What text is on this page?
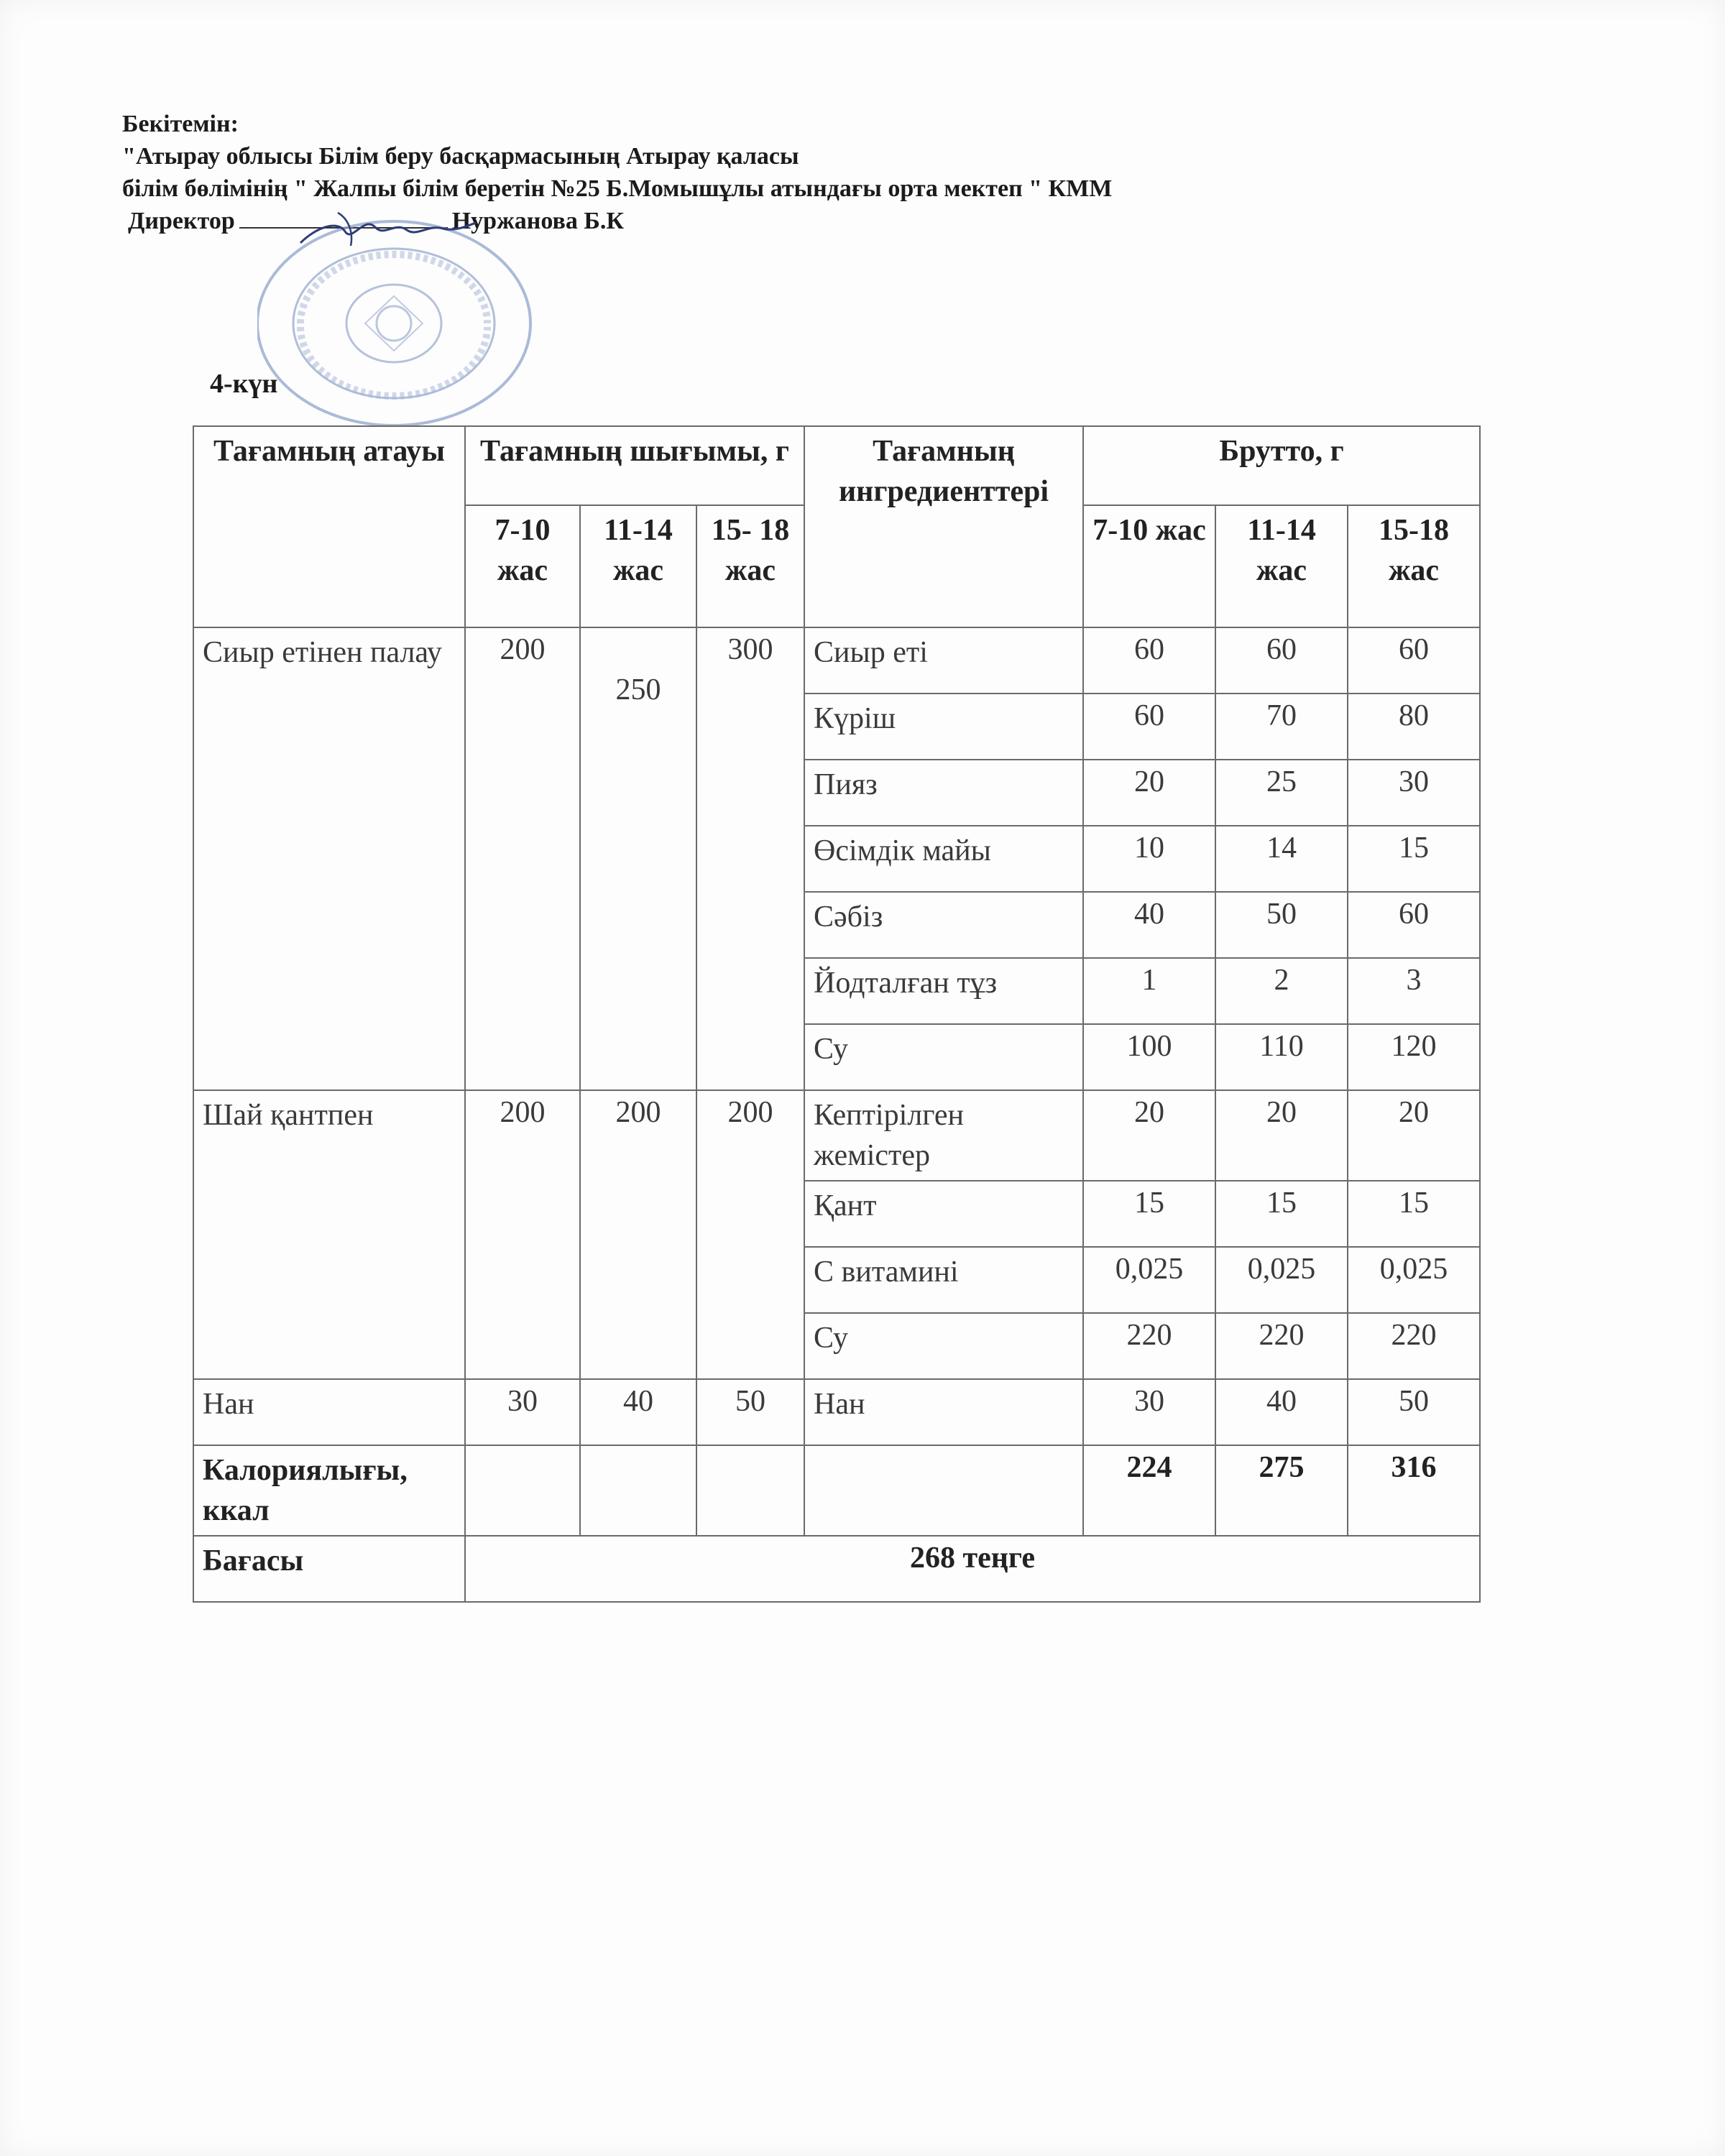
Бекітемін:
"Атырау облысы Білім беру басқармасының Атырау қаласы
білім бөлімінің " Жалпы білім беретін №25 Б.Момышұлы атындағы орта мектеп " КММ
Директор	Нуржанова Б.К
4-күн
Тағамның атауы	Тағамның шығымы, г			Тағамның ингредиенттері	Брутто, г		
	7-10 жас	11-14 жас	15- 18 жас		7-10 жас	11-14 жас	15-18 жас
Сиыр етінен палау	200	250	300	Сиыр еті	60	60	60
				Күріш	60	70	80
				Пияз	20	25	30
				Өсімдік майы	10	14	15
				Сәбіз	40	50	60
				Йодталған тұз	1	2	3
				Су	100	110	120
Шай қантпен	200	200	200	Кептірілген жемістер	20	20	20
				Қант	15	15	15
				С витамині	0,025	0,025	0,025
				Су	220	220	220
Нан	30	40	50	Нан	30	40	50
Калориялығы, ккал					224	275	316
Бағасы	268 теңге						
